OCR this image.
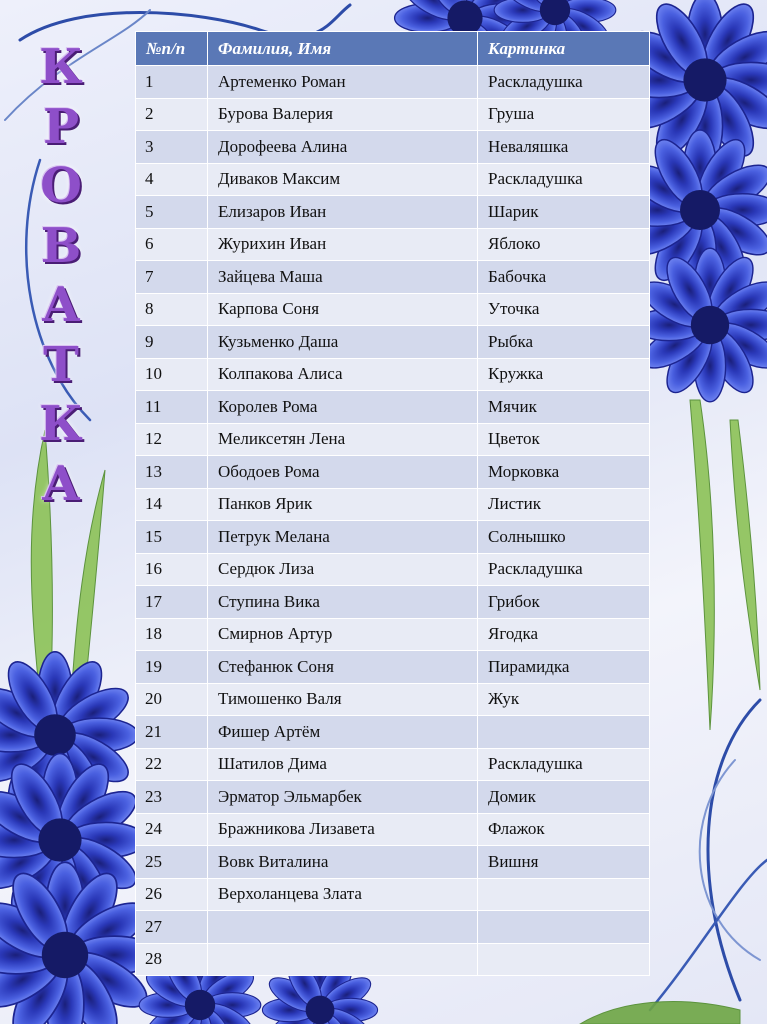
К
Р
О
В
А
Т
К
А
№п/п	Фамилия, Имя	Картинка
1	Артеменко Роман	Раскладушка
2	Бурова Валерия	Груша
3	Дорофеева Алина	Неваляшка
4	Диваков Максим	Раскладушка
5	Елизаров Иван	Шарик
6	Журихин Иван	Яблоко
7	Зайцева Маша	Бабочка
8	Карпова Соня	Уточка
9	Кузьменко Даша	Рыбка
10	Колпакова Алиса	Кружка
11	Королев Рома	Мячик
12	Меликсетян Лена	Цветок
13	Ободоев Рома	Морковка
14	Панков Ярик	Листик
15	Петрук Мелана	Солнышко
16	Сердюк Лиза	Раскладушка
17	Ступина Вика	Грибок
18	Смирнов Артур	Ягодка
19	Стефанюк Соня	Пирамидка
20	Тимошенко Валя	Жук
21	Фишер Артём	
22	Шатилов Дима	Раскладушка
23	Эрматор Эльмарбек	Домик
24	Бражникова Лизавета	Флажок
25	Вовк Виталина	Вишня
26	Верхоланцева Злата	
27		
28		
